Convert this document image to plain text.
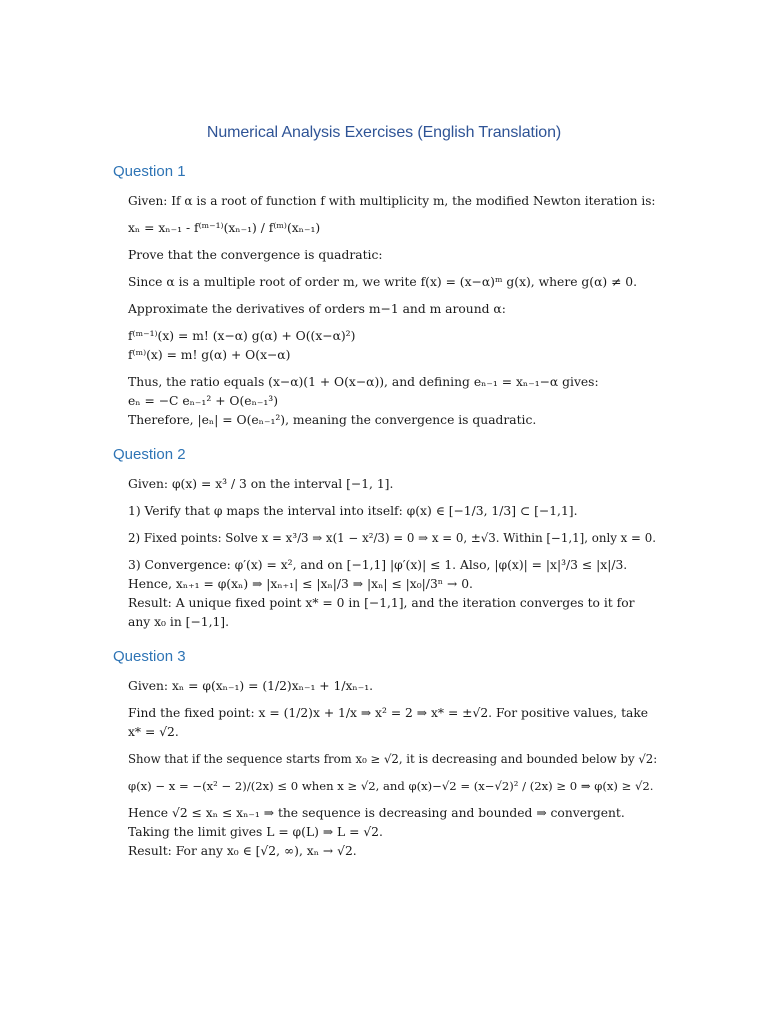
Numerical Analysis Exercises (English Translation)
Question 1

Given: If α is a root of function f with multiplicity m, the modified Newton iteration is:

xₙ = xₙ₋₁ - f⁽ᵐ⁻¹⁾(xₙ₋₁) / f⁽ᵐ⁾(xₙ₋₁)

Prove that the convergence is quadratic:

Since α is a multiple root of order m, we write f(x) = (x−α)ᵐ g(x), where g(α) ≠ 0.

Approximate the derivatives of orders m−1 and m around α:

f⁽ᵐ⁻¹⁾(x) = m! (x−α) g(α) + O((x−α)²)

f⁽ᵐ⁾(x) = m! g(α) + O(x−α)

Thus, the ratio equals (x−α)(1 + O(x−α)), and defining eₙ₋₁ = xₙ₋₁−α gives:

eₙ = −C eₙ₋₁² + O(eₙ₋₁³)

Therefore, |eₙ| = O(eₙ₋₁²), meaning the convergence is quadratic.

Question 2

Given: φ(x) = x³ / 3 on the interval [−1, 1].

1) Verify that φ maps the interval into itself: φ(x) ∈ [−1/3, 1/3] ⊂ [−1,1].

2) Fixed points: Solve x = x³/3 ⇒ x(1 − x²/3) = 0 ⇒ x = 0, ±√3. Within [−1,1], only x = 0.

3) Convergence: φ′(x) = x², and on [−1,1] |φ′(x)| ≤ 1. Also, |φ(x)| = |x|³/3 ≤ |x|/3.

Hence, xₙ₊₁ = φ(xₙ) ⇒ |xₙ₊₁| ≤ |xₙ|/3 ⇒ |xₙ| ≤ |x₀|/3ⁿ → 0.

Result: A unique fixed point x* = 0 in [−1,1], and the iteration converges to it for any x₀ in [−1,1].

Question 3

Given: xₙ = φ(xₙ₋₁) = (1/2)xₙ₋₁ + 1/xₙ₋₁.

Find the fixed point: x = (1/2)x + 1/x ⇒ x² = 2 ⇒ x* = ±√2. For positive values, take x* = √2.

Show that if the sequence starts from x₀ ≥ √2, it is decreasing and bounded below by √2:

φ(x) − x = −(x² − 2)/(2x) ≤ 0 when x ≥ √2, and φ(x)−√2 = (x−√2)² / (2x) ≥ 0 ⇒ φ(x) ≥ √2.

Hence √2 ≤ xₙ ≤ xₙ₋₁ ⇒ the sequence is decreasing and bounded ⇒ convergent.

Taking the limit gives L = φ(L) ⇒ L = √2.

Result: For any x₀ ∈ [√2, ∞), xₙ → √2.
